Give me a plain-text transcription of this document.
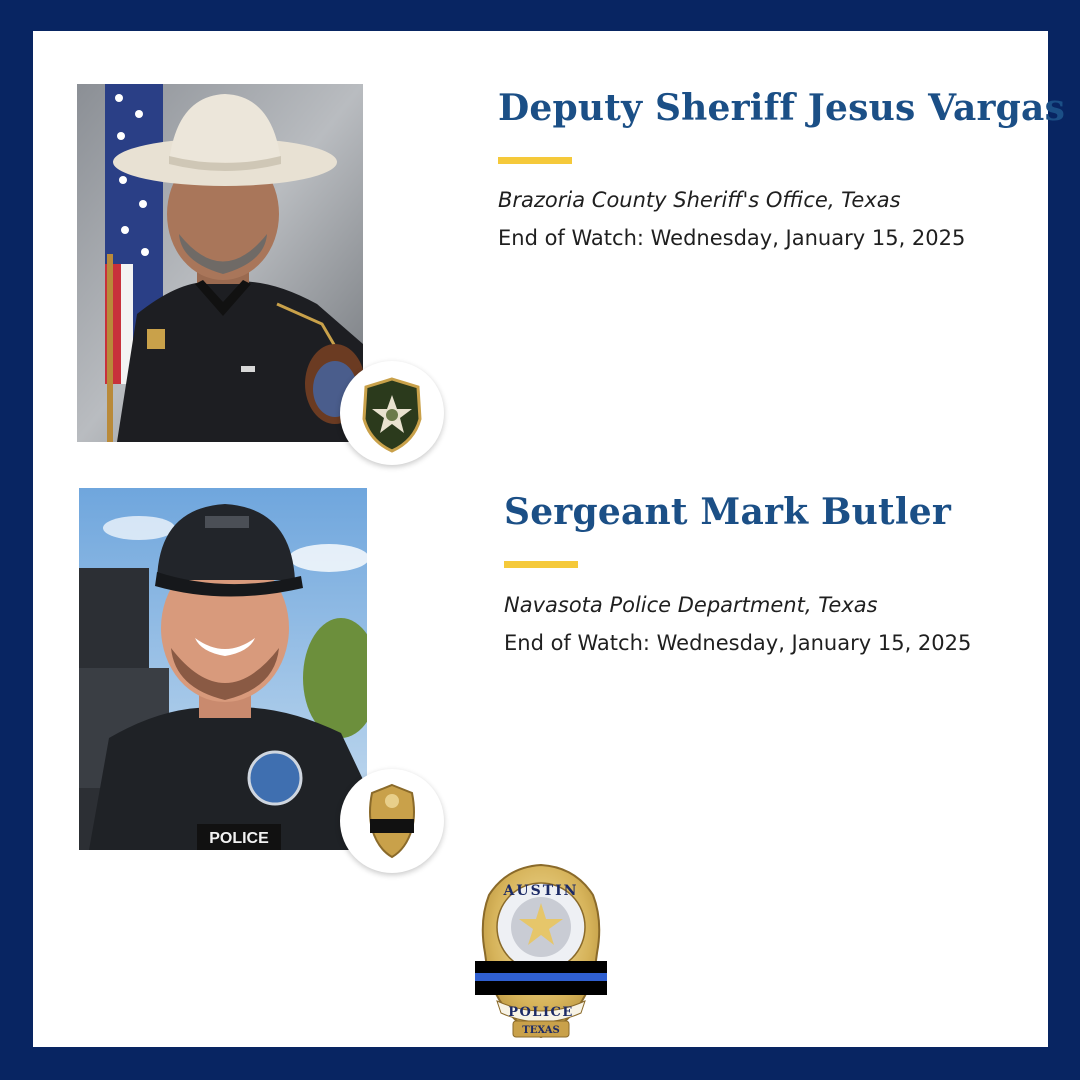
Deputy Sheriff Jesus Vargas

Brazoria County Sheriff's Office, Texas

End of Watch: Wednesday, January 15, 2025

POLICE
Sergeant Mark Butler

Navasota Police Department, Texas

End of Watch: Wednesday, January 15, 2025

AUSTIN
POLICE
TEXAS
